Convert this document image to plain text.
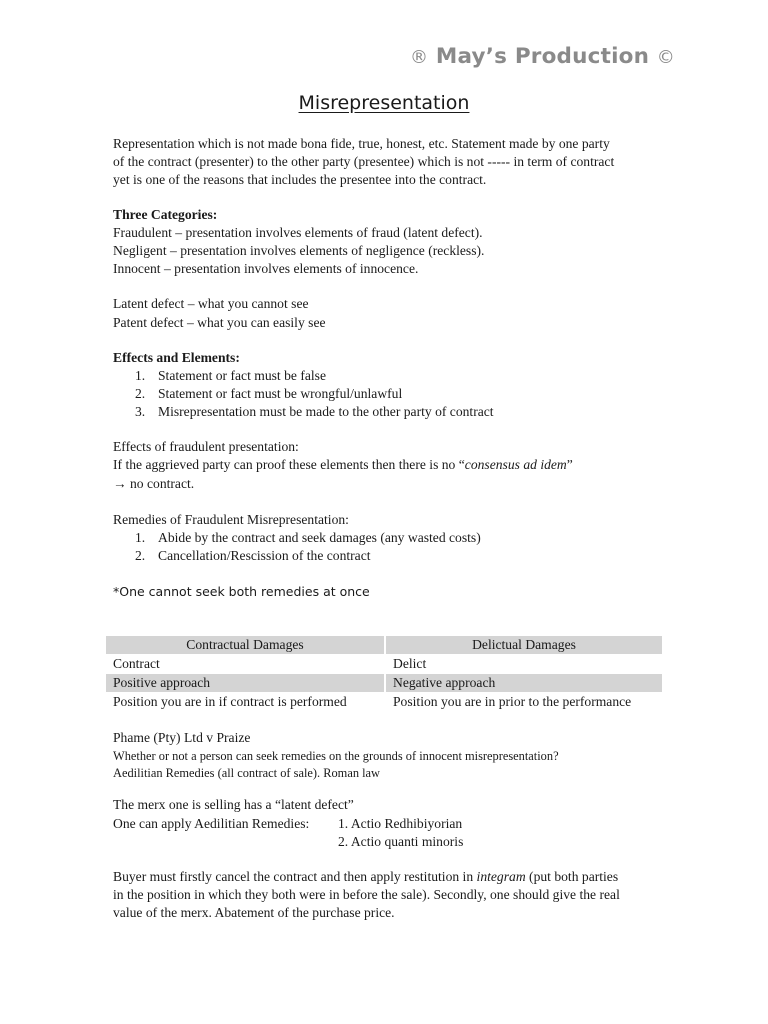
® May’s Production ©
Misrepresentation
Representation which is not made bona fide, true, honest, etc. Statement made by one party
of the contract (presenter) to the other party (presentee) which is not ----- in term of contract
yet is one of the reasons that includes the presentee into the contract.
Three Categories:
Fraudulent – presentation involves elements of fraud (latent defect).
Negligent – presentation involves elements of negligence (reckless).
Innocent – presentation involves elements of innocence.
Latent defect – what you cannot see
Patent defect – what you can easily see
Effects and Elements:
1. Statement or fact must be false
2. Statement or fact must be wrongful/unlawful
3. Misrepresentation must be made to the other party of contract
Effects of fraudulent presentation:
If the aggrieved party can proof these elements then there is no “consensus ad idem”
→ no contract.
Remedies of Fraudulent Misrepresentation:
1. Abide by the contract and seek damages (any wasted costs)
2. Cancellation/Rescission of the contract
*One cannot seek both remedies at once
Phame (Pty) Ltd v Praize
Whether or not a person can seek remedies on the grounds of innocent misrepresentation?
Aedilitian Remedies (all contract of sale). Roman law
The merx one is selling has a “latent defect”
One can apply Aedilitian Remedies: 1. Actio Redhibiyorian
2. Actio quanti minoris
Buyer must firstly cancel the contract and then apply restitution in integram (put both parties
in the position in which they both were in before the sale). Secondly, one should give the real
value of the merx. Abatement of the purchase price.
Contractual Damages		Delictual Damages
Contract		Delict
Positive approach		Negative approach
Position you are in if contract is performed		Position you are in prior to the performance
